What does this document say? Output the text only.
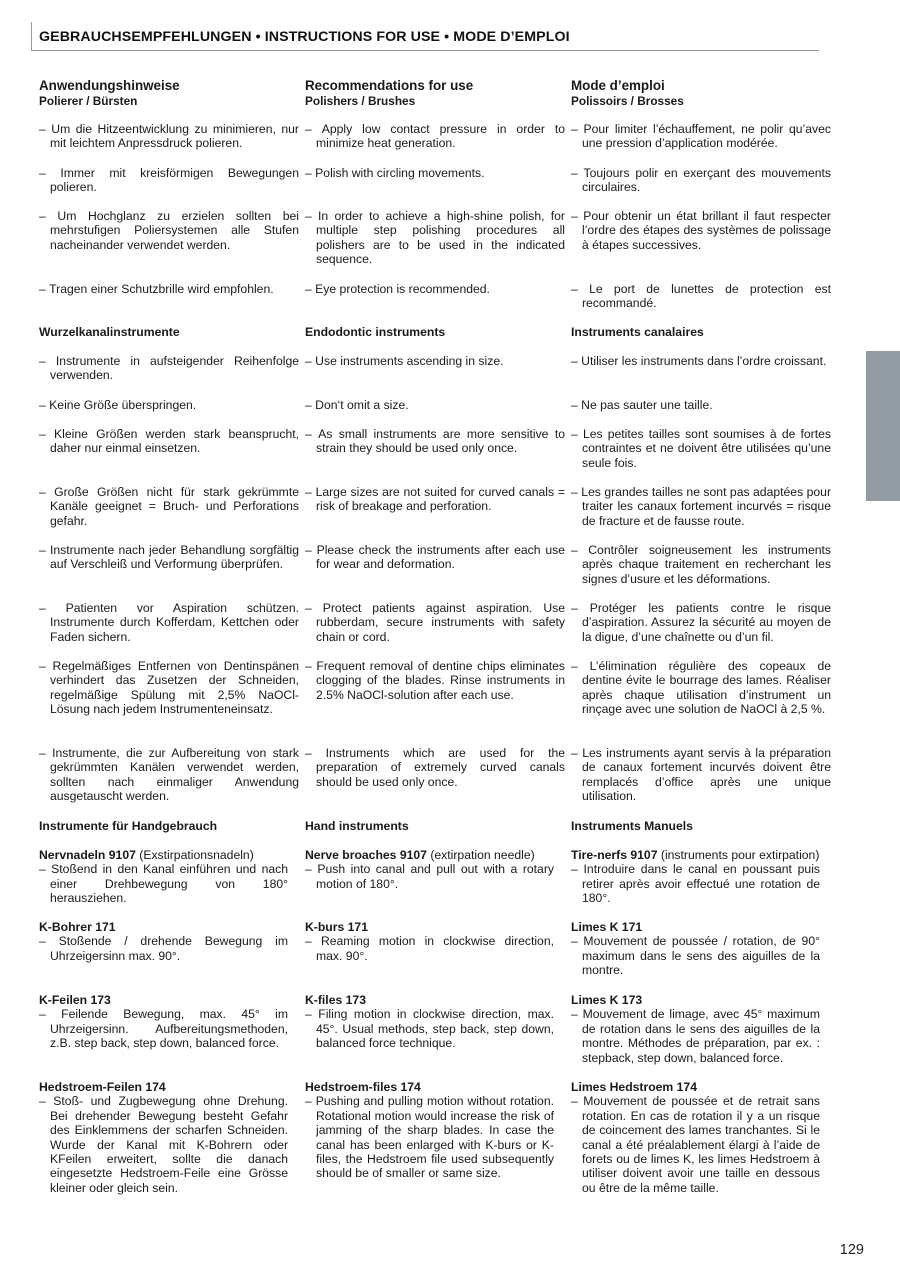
GEBRAUCHSEMPFEHLUNGEN • INSTRUCTIONS FOR USE • MODE D’EMPLOI
Anwendungshinweise
Polierer / Bürsten
– Um die Hitzeentwicklung zu minimieren, nur mit leichtem Anpressdruck polieren.
– Immer mit kreisförmigen Bewegungen polieren.
– Um Hochglanz zu erzielen sollten bei mehrstufigen Poliersystemen alle Stufen nacheinander verwendet werden.
– Tragen einer Schutzbrille wird empfohlen.
Wurzelkanalinstrumente
– Instrumente in aufsteigender Reihenfolge verwenden.
– Keine Größe überspringen.
– Kleine Größen werden stark beansprucht, daher nur einmal einsetzen.
– Große Größen nicht für stark gekrümmte Kanäle geeignet = Bruch- und Perforations gefahr.
– Instrumente nach jeder Behandlung sorgfältig auf Verschleiß und Verformung überprüfen.
– Patienten vor Aspiration schützen. Instrumente durch Kofferdam, Kettchen oder Faden sichern.
– Regelmäßiges Entfernen von Dentinspänen verhindert das Zusetzen der Schneiden, regelmäßige Spülung mit 2,5% NaOCl-Lösung nach jedem Instrumenteneinsatz.
– Instrumente, die zur Aufbereitung von stark gekrümmten Kanälen verwendet werden, sollten nach einmaliger Anwendung ausgetauscht werden.
Instrumente für Handgebrauch
Nervnadeln 9107 (Exstirpationsnadeln)
– Stoßend in den Kanal einführen und nach einer Drehbewegung von 180° herausziehen.
K-Bohrer 171
– Stoßende / drehende Bewegung im Uhrzeigersinn max. 90°.
K-Feilen 173
– Feilende Bewegung, max. 45° im Uhrzeigersinn. Aufbereitungsmethoden, z.B. step back, step down, balanced force.
Hedstroem-Feilen 174
– Stoß- und Zugbewegung ohne Drehung. Bei drehender Bewegung besteht Gefahr des Einklemmens der scharfen Schneiden. Wurde der Kanal mit K-Bohrern oder KFeilen erweitert, sollte die danach eingesetzte Hedstroem-Feile eine Grösse kleiner oder gleich sein.
Recommendations for use
Polishers / Brushes
– Apply low contact pressure in order to minimize heat generation.
– Polish with circling movements.
– In order to achieve a high-shine polish, for multiple step polishing procedures all polishers are to be used in the indicated sequence.
– Eye protection is recommended.
Endodontic instruments
– Use instruments ascending in size.
– Don‘t omit a size.
– As small instruments are more sensitive to strain they should be used only once.
– Large sizes are not suited for curved canals = risk of breakage and perforation.
– Please check the instruments after each use for wear and deformation.
– Protect patients against aspiration. Use rubberdam, secure instruments with safety chain or cord.
– Frequent removal of dentine chips eliminates clogging of the blades. Rinse instruments in 2.5% NaOCl-solution after each use.
– Instruments which are used for the preparation of extremely curved canals should be used only once.
Hand instruments
Nerve broaches 9107 (extirpation needle)
– Push into canal and pull out with a rotary motion of 180°.
K-burs 171
– Reaming motion in clockwise direction, max. 90°.
K-files 173
– Filing motion in clockwise direction, max. 45°. Usual methods, step back, step down, balanced force technique.
Hedstroem-files 174
– Pushing and pulling motion without rotation. Rotational motion would increase the risk of jamming of the sharp blades. In case the canal has been enlarged with K-burs or K-files, the Hedstroem file used subsequently should be of smaller or same size.
Mode d’emploi
Polissoirs / Brosses
– Pour limiter l’échauffement, ne polir qu’avec une pression d’application modérée.
– Toujours polir en exerçant des mouvements circulaires.
– Pour obtenir un état brillant il faut respecter l’ordre des étapes des systèmes de polissage à étapes successives.
– Le port de lunettes de protection est recommandé.
Instruments canalaires
– Utiliser les instruments dans l’ordre croissant.
– Ne pas sauter une taille.
– Les petites tailles sont soumises à de fortes contraintes et ne doivent être utilisées qu’une seule fois.
– Les grandes tailles ne sont pas adaptées pour traiter les canaux fortement incurvés = risque de fracture et de fausse route.
– Contrôler soigneusement les instruments après chaque traitement en recherchant les signes d’usure et les déformations.
– Protéger les patients contre le risque d’aspiration. Assurez la sécurité au moyen de la digue, d’une chaînette ou d’un fil.
– L’élimination régulière des copeaux de dentine évite le bourrage des lames. Réaliser après chaque utilisation d’instrument un rinçage avec une solution de NaOCl à 2,5 %.
– Les instruments ayant servis à la préparation de canaux fortement incurvés doivent être remplacés d’office après une unique utilisation.
Instruments Manuels
Tire-nerfs 9107 (instruments pour extirpation)
– Introduire dans le canal en poussant puis retirer après avoir effectué une rotation de 180°.
Limes K 171
– Mouvement de poussée / rotation, de 90° maximum dans le sens des aiguilles de la montre.
Limes K 173
– Mouvement de limage, avec 45° maximum de rotation dans le sens des aiguilles de la montre. Méthodes de préparation, par ex. : stepback, step down, balanced force.
Limes Hedstroem 174
– Mouvement de poussée et de retrait sans rotation. En cas de rotation il y a un risque de coincement des lames tranchantes. Si le canal a été préalablement élargi à l’aide de forets ou de limes K, les limes Hedstroem à utiliser doivent avoir une taille en dessous ou être de la même taille.
129
